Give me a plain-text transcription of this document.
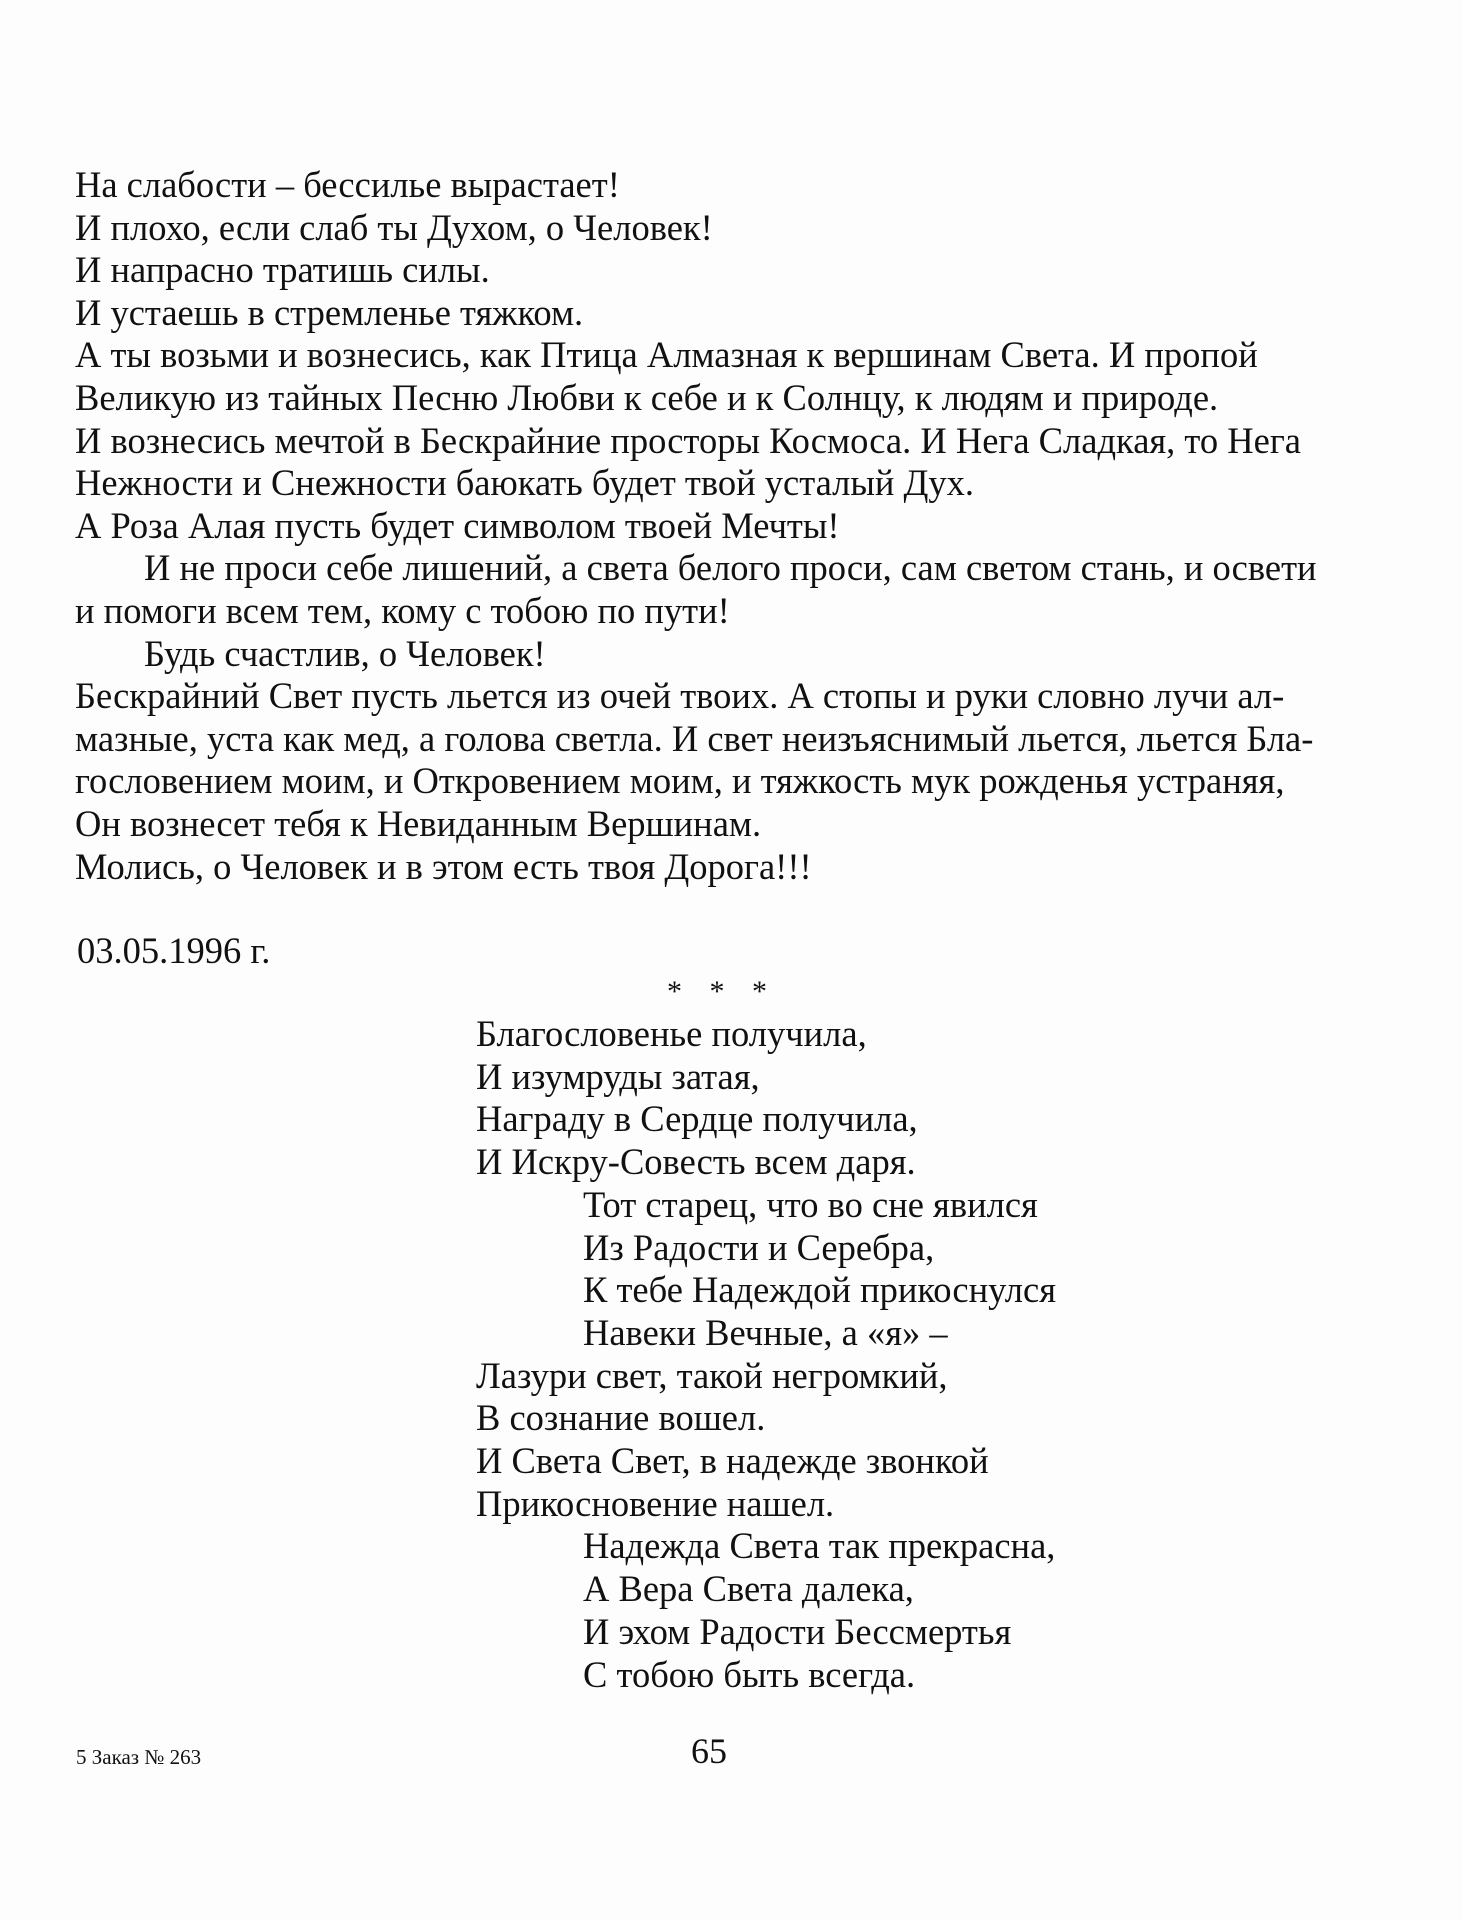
На слабости – бессилье вырастает!
И плохо, если слаб ты Духом, о Человек!
И напрасно тратишь силы.
И устаешь в стремленье тяжком.
А ты возьми и вознесись, как Птица Алмазная к вершинам Света. И пропой
Великую из тайных Песню Любви к себе и к Солнцу, к людям и природе.
И вознесись мечтой в Бескрайние просторы Космоса. И Нега Сладкая, то Нега
Нежности и Снежности баюкать будет твой усталый Дух.
А Роза Алая пусть будет символом твоей Мечты!
И не проси себе лишений, а света белого проси, сам светом стань, и освети
и помоги всем тем, кому с тобою по пути!
Будь счастлив, о Человек!
Бескрайний Свет пусть льется из очей твоих. А стопы и руки словно лучи ал-
мазные, уста как мед, а голова светла. И свет неизъяснимый льется, льется Бла-
гословением моим, и Откровением моим, и тяжкость мук рожденья устраняя,
Он вознесет тебя к Невиданным Вершинам.
Молись, о Человек и в этом есть твоя Дорога!!!
03.05.1996 г.
* * *
Благословенье получила,
И изумруды затая,
Награду в Сердце получила,
И Искру-Совесть всем даря.
Тот старец, что во сне явился
Из Радости и Серебра,
К тебе Надеждой прикоснулся
Навеки Вечные, а «я» –
Лазури свет, такой негромкий,
В сознание вошел.
И Света Свет, в надежде звонкой
Прикосновение нашел.
Надежда Света так прекрасна,
А Вера Света далека,
И эхом Радости Бессмертья
С тобою быть всегда.
5 Заказ № 263	65
